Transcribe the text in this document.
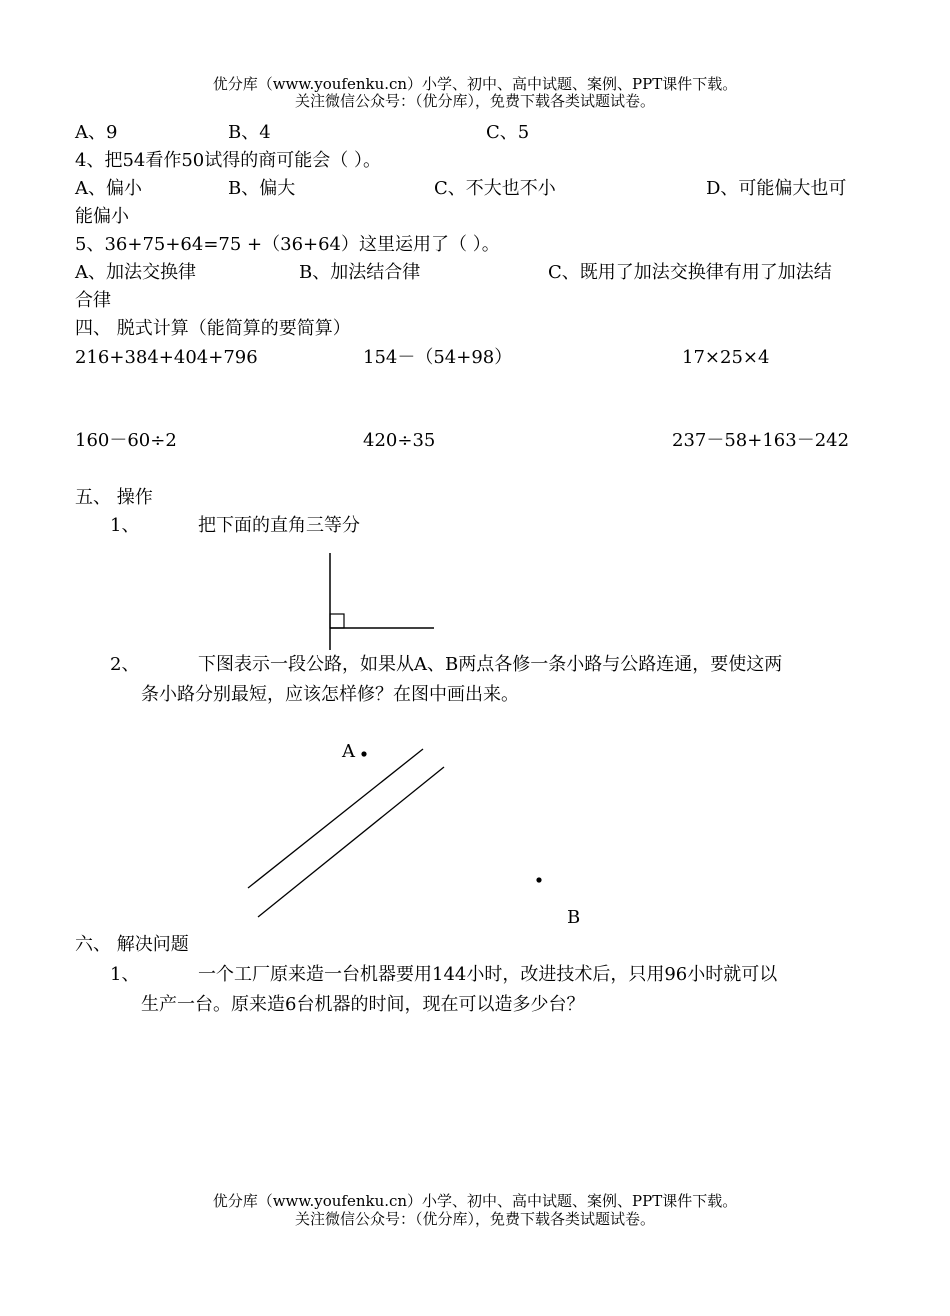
优分库（www.youfenku.cn）小学、初中、高中试题、案例、PPT课件下载。
关注微信公众号：（优分库），免费下载各类试题试卷。
A、9	B、4	C、5
4、把54看作50试得的商可能会（ ）。
A、偏小	B、偏大	C、不大也不小	D、可能偏大也可
能偏小
5、36+75+64=75 +（36+64）这里运用了（ ）。
A、加法交换律	B、加法结合律	C、既用了加法交换律有用了加法结
合律
四、 脱式计算（能简算的要简算）
216+384+404+796	154－（54+98）	17×25×4
160－60÷2	420÷35	237－58+163－242
五、 操作
1、	把下面的直角三等分
2、	下图表示一段公路，如果从A、B两点各修一条小路与公路连通，要使这两
条小路分别最短，应该怎样修？在图中画出来。
A
B
六、 解决问题
1、	一个工厂原来造一台机器要用144小时，改进技术后，只用96小时就可以
生产一台。原来造6台机器的时间，现在可以造多少台？
优分库（www.youfenku.cn）小学、初中、高中试题、案例、PPT课件下载。
关注微信公众号：（优分库），免费下载各类试题试卷。
